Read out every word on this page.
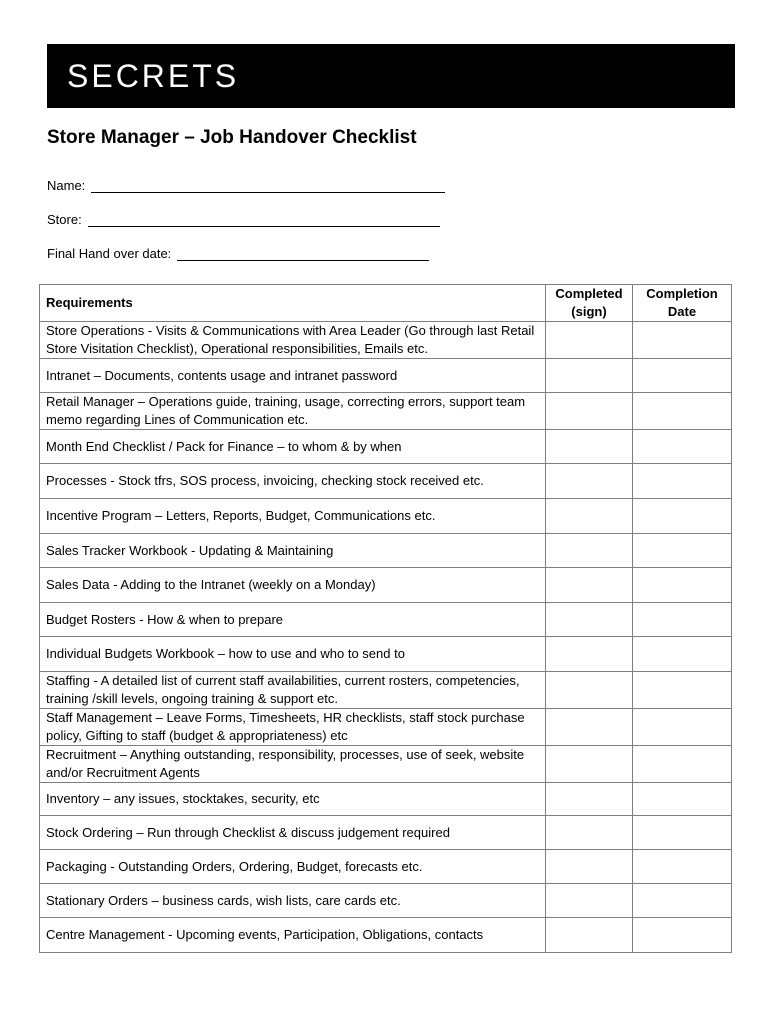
SECRETS
Store Manager – Job Handover Checklist
Name:
Store:
Final Hand over date:
Requirements	Completed (sign)	Completion Date
Store Operations - Visits & Communications with Area Leader (Go through last Retail Store Visitation Checklist), Operational responsibilities, Emails etc.		
Intranet – Documents, contents usage and intranet password		
Retail Manager – Operations guide, training, usage, correcting errors, support team memo regarding Lines of Communication etc.		
Month End Checklist / Pack for Finance – to whom & by when		
Processes - Stock tfrs, SOS process, invoicing, checking stock received etc.		
Incentive Program – Letters, Reports, Budget, Communications etc.		
Sales Tracker Workbook - Updating & Maintaining		
Sales Data - Adding to the Intranet (weekly on a Monday)		
Budget Rosters - How & when to prepare		
Individual Budgets Workbook – how to use and who to send to		
Staffing - A detailed list of current staff availabilities, current rosters, competencies, training /skill levels, ongoing training & support etc.		
Staff Management – Leave Forms, Timesheets, HR checklists, staff stock purchase policy, Gifting to staff (budget & appropriateness) etc		
Recruitment – Anything outstanding, responsibility, processes, use of seek, website and/or Recruitment Agents		
Inventory – any issues, stocktakes, security, etc		
Stock Ordering – Run through Checklist & discuss judgement required		
Packaging - Outstanding Orders, Ordering, Budget, forecasts etc.		
Stationary Orders – business cards, wish lists, care cards etc.		
Centre Management - Upcoming events, Participation, Obligations, contacts		
